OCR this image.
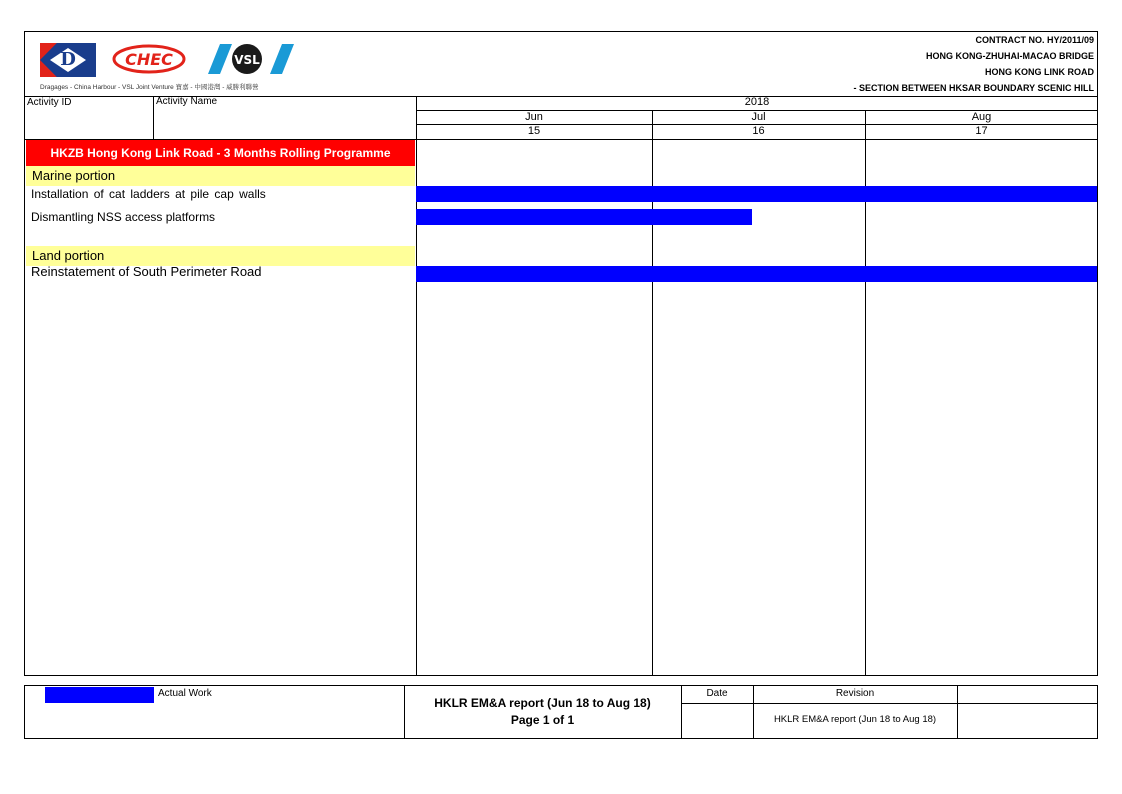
D	CHEC	VSL
Dragages - China Harbour - VSL Joint Venture 寶嘉 - 中國港灣 - 威勝利聯營
CONTRACT NO. HY/2011/09
HONG KONG-ZHUHAI-MACAO BRIDGE
HONG KONG LINK ROAD
- SECTION BETWEEN HKSAR BOUNDARY SCENIC HILL
Activity ID	Activity Name	2018
Jun	Jul	Aug
15	16	17
HKZB Hong Kong Link Road - 3 Months Rolling Programme
Marine portion
Installation of cat ladders at pile cap walls
Dismantling NSS access platforms
Land portion
Reinstatement of South Perimeter Road
Actual Work
HKLR EM&A report (Jun 18 to Aug 18)
Page 1 of 1
Date	Revision
HKLR EM&A report (Jun 18 to Aug 18)
